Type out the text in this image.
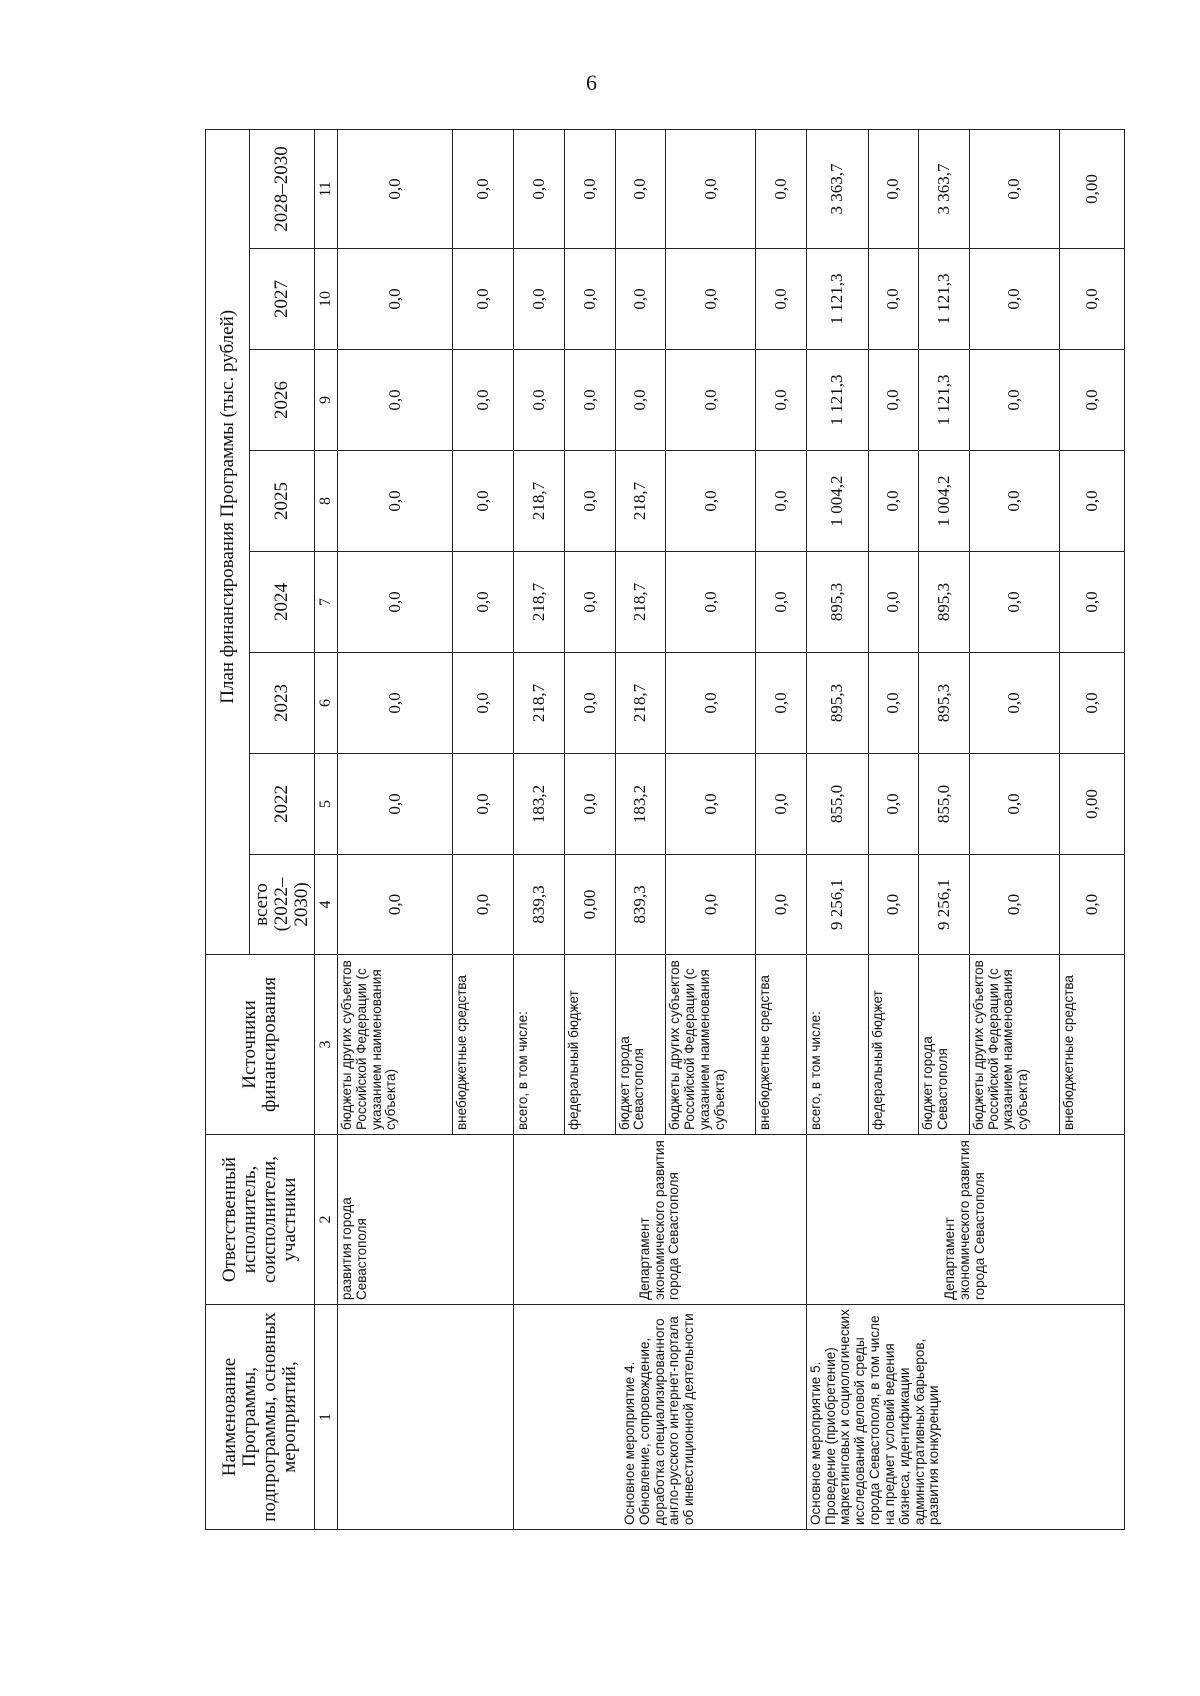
6
Наименование Программы, подпрограммы, основных мероприятий,	Ответственный исполнитель, соисполнители, участники	Источники финансирования	План финансирования Программы (тыс. рублей)							
			всего (2022–2030)	2022	2023	2024	2025	2026	2027	2028–2030
1	2	3	4	5	6	7	8	9	10	11
	развития города Севастополя	бюджеты других субъектов Российской Федерации (с указанием наименования субъекта)	0,0	0,0	0,0	0,0	0,0	0,0	0,0	0,0
		внебюджетные средства	0,0	0,0	0,0	0,0	0,0	0,0	0,0	0,0
Основное мероприятие 4. Обновление, сопровождение, доработка специализированного англо-русского интернет-портала об инвестиционной деятельности	Департамент экономического развития города Севастополя	всего, в том числе:	839,3	183,2	218,7	218,7	218,7	0,0	0,0	0,0
		федеральный бюджет	0,00	0,0	0,0	0,0	0,0	0,0	0,0	0,0
		бюджет города Севастополя	839,3	183,2	218,7	218,7	218,7	0,0	0,0	0,0
		бюджеты других субъектов Российской Федерации (с указанием наименования субъекта)	0,0	0,0	0,0	0,0	0,0	0,0	0,0	0,0
		внебюджетные средства	0,0	0,0	0,0	0,0	0,0	0,0	0,0	0,0
Основное мероприятие 5. Проведение (приобретение) маркетинговых и социологических исследований деловой среды города Севастополя, в том числе на предмет условий ведения бизнеса, идентификации административных барьеров, развития конкуренции	Департамент экономического развития города Севастополя	всего, в том числе:	9 256,1	855,0	895,3	895,3	1 004,2	1 121,3	1 121,3	3 363,7
		федеральный бюджет	0,0	0,0	0,0	0,0	0,0	0,0	0,0	0,0
		бюджет города Севастополя	9 256,1	855,0	895,3	895,3	1 004,2	1 121,3	1 121,3	3 363,7
		бюджеты других субъектов Российской Федерации (с указанием наименования субъекта)	0,0	0,0	0,0	0,0	0,0	0,0	0,0	0,0
		внебюджетные средства	0,0	0,00	0,0	0,0	0,0	0,0	0,0	0,00
